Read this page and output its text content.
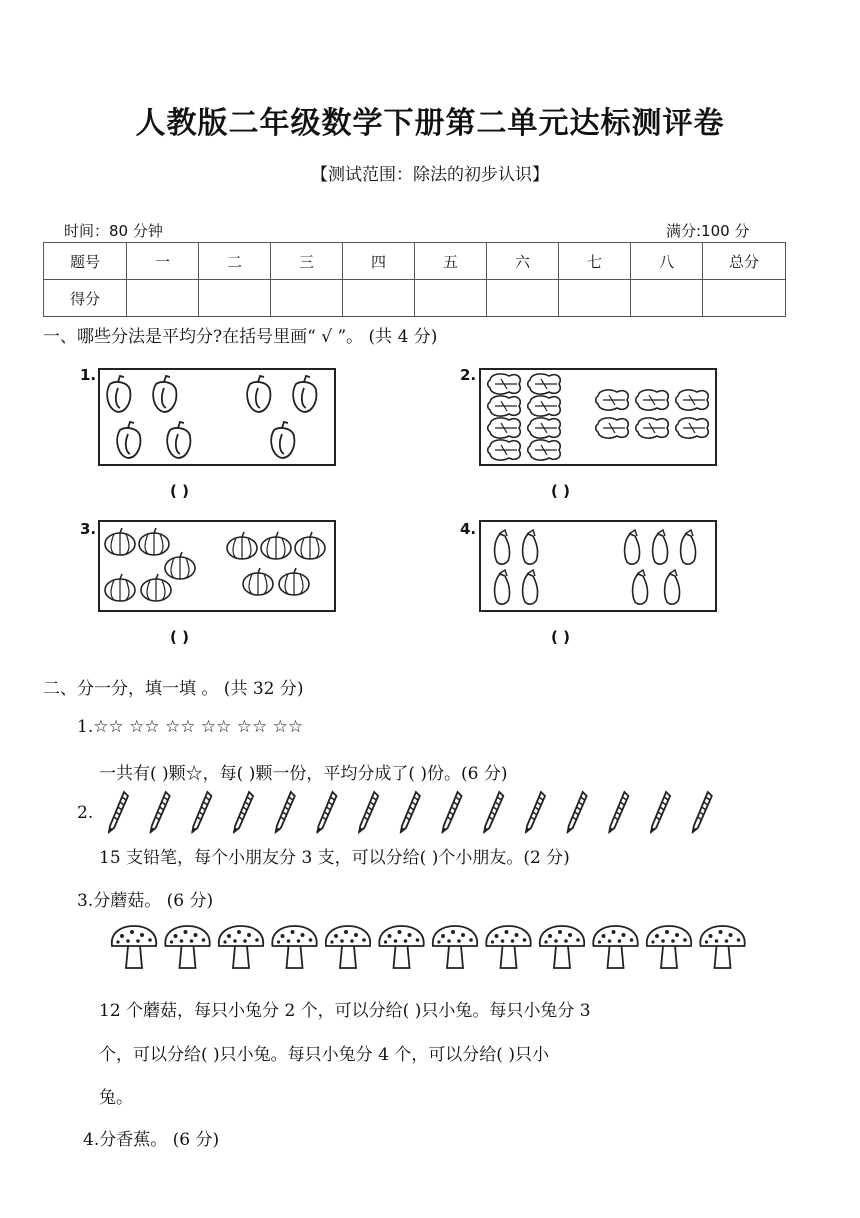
人教版二年级数学下册第二单元达标测评卷
【测试范围：除法的初步认识】
时间：80 分钟	满分:100 分
题号	一	二	三	四	五	六	七	八	总分
得分									
一、哪些分法是平均分?在括号里画“ √ ”。 (共 4 分)
1.
( )
2.
( )
3.
( )
4.
( )
二、分一分，填一填 。 (共 32 分)
1.☆☆ ☆☆ ☆☆ ☆☆ ☆☆ ☆☆
一共有( )颗☆，每( )颗一份，平均分成了( )份。(6 分)
2.
15 支铅笔，每个小朋友分 3 支，可以分给( )个小朋友。(2 分)
3.分蘑菇。 (6 分)
12 个蘑菇，每只小兔分 2 个，可以分给( )只小兔。每只小兔分 3
个，可以分给( )只小兔。每只小兔分 4 个，可以分给( )只小
兔。
4.分香蕉。 (6 分)
